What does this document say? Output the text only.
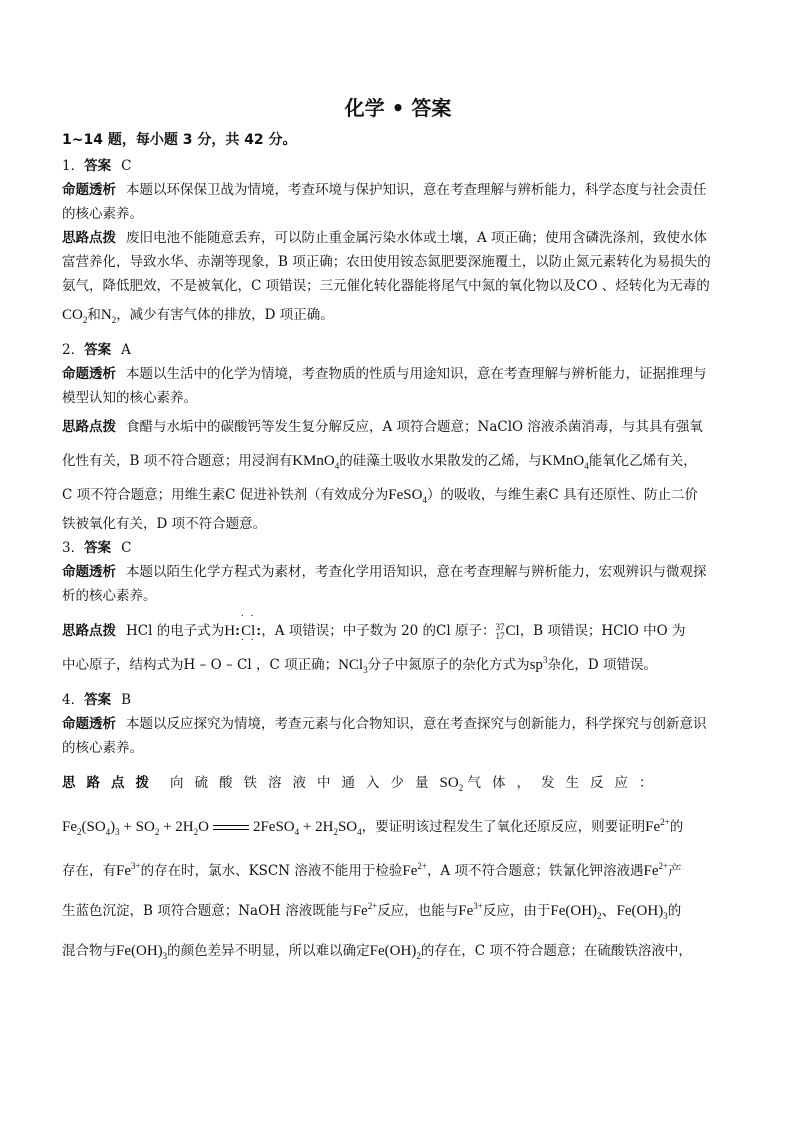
化学 • 答案
1~14 题，每小题 3 分，共 42 分。
1．答案 C
命题透析 本题以环保保卫战为情境，考查环境与保护知识，意在考查理解与辨析能力，科学态度与社会责任
的核心素养。
思路点拨 废旧电池不能随意丢弃，可以防止重金属污染水体或土壤，A 项正确；使用含磷洗涤剂，致使水体
富营养化，导致水华、赤潮等现象，B 项正确；农田使用铵态氮肥要深施覆土，以防止氮元素转化为易损失的
氨气，降低肥效，不是被氧化，C 项错误；三元催化转化器能将尾气中氮的氧化物以及CO 、烃转化为无毒的
$CO_2$和$N_2$，减少有害气体的排放，D 项正确。
2．答案 A
命题透析 本题以生活中的化学为情境，考查物质的性质与用途知识，意在考查理解与辨析能力，证据推理与
模型认知的核心素养。
思路点拨 食醋与水垢中的碳酸钙等发生复分解反应，A 项符合题意；NaClO 溶液杀菌消毒，与其具有强氧
化性有关，B 项不符合题意；用浸润有KMnO$_4$的硅藻土吸收水果散发的乙烯，与KMnO$_4$能氧化乙烯有关，
C 项不符合题意；用维生素C 促进补铁剂（有效成分为FeSO$_4$）的吸收，与维生素C 具有还原性、防止二价
铁被氧化有关，D 项不符合题意。
3．答案 C
命题透析 本题以陌生化学方程式为素材，考查化学用语知识，意在考查理解与辨析能力，宏观辨识与微观探
析的核心素养。
思路点拨 HCl 的电子式为H:· · Cl · ·:，A 项错误；中子数为 20 的Cl 原子：37
17Cl，B 项错误；HClO 中O 为
中心原子，结构式为H – O – Cl ，C 项正确；NCl$_3$分子中氮原子的杂化方式为$sp^3$杂化，D 项错误。
4．答案 B
命题透析 本题以反应探究为情境，考查元素与化合物知识，意在考查探究与创新能力，科学探究与创新意识
的核心素养。
思路点拨 向硫酸铁溶液中通入少量$SO_2$ 气体，发生反应：
$Fe_2(SO_4)_3 + SO_2 + 2H_2O$	2FeSO$_4$ + $2H_2SO_4$，要证明该过程发生了氧化还原反应，则要证明$Fe^{2+}$的
存在，有$Fe^{3+}$的存在时，氯水、KSCN 溶液不能用于检验$Fe^{2+}$，A 项不符合题意；铁氰化钾溶液遇$Fe^{2+}$产
生蓝色沉淀，B 项符合题意；NaOH 溶液既能与$Fe^{2+}$反应，也能与$Fe^{3+}$反应，由于$Fe(OH)_2$、$Fe(OH)_3$的
混合物与$Fe(OH)_3$的颜色差异不明显，所以难以确定$Fe(OH)_2$的存在，C 项不符合题意；在硫酸铁溶液中，
